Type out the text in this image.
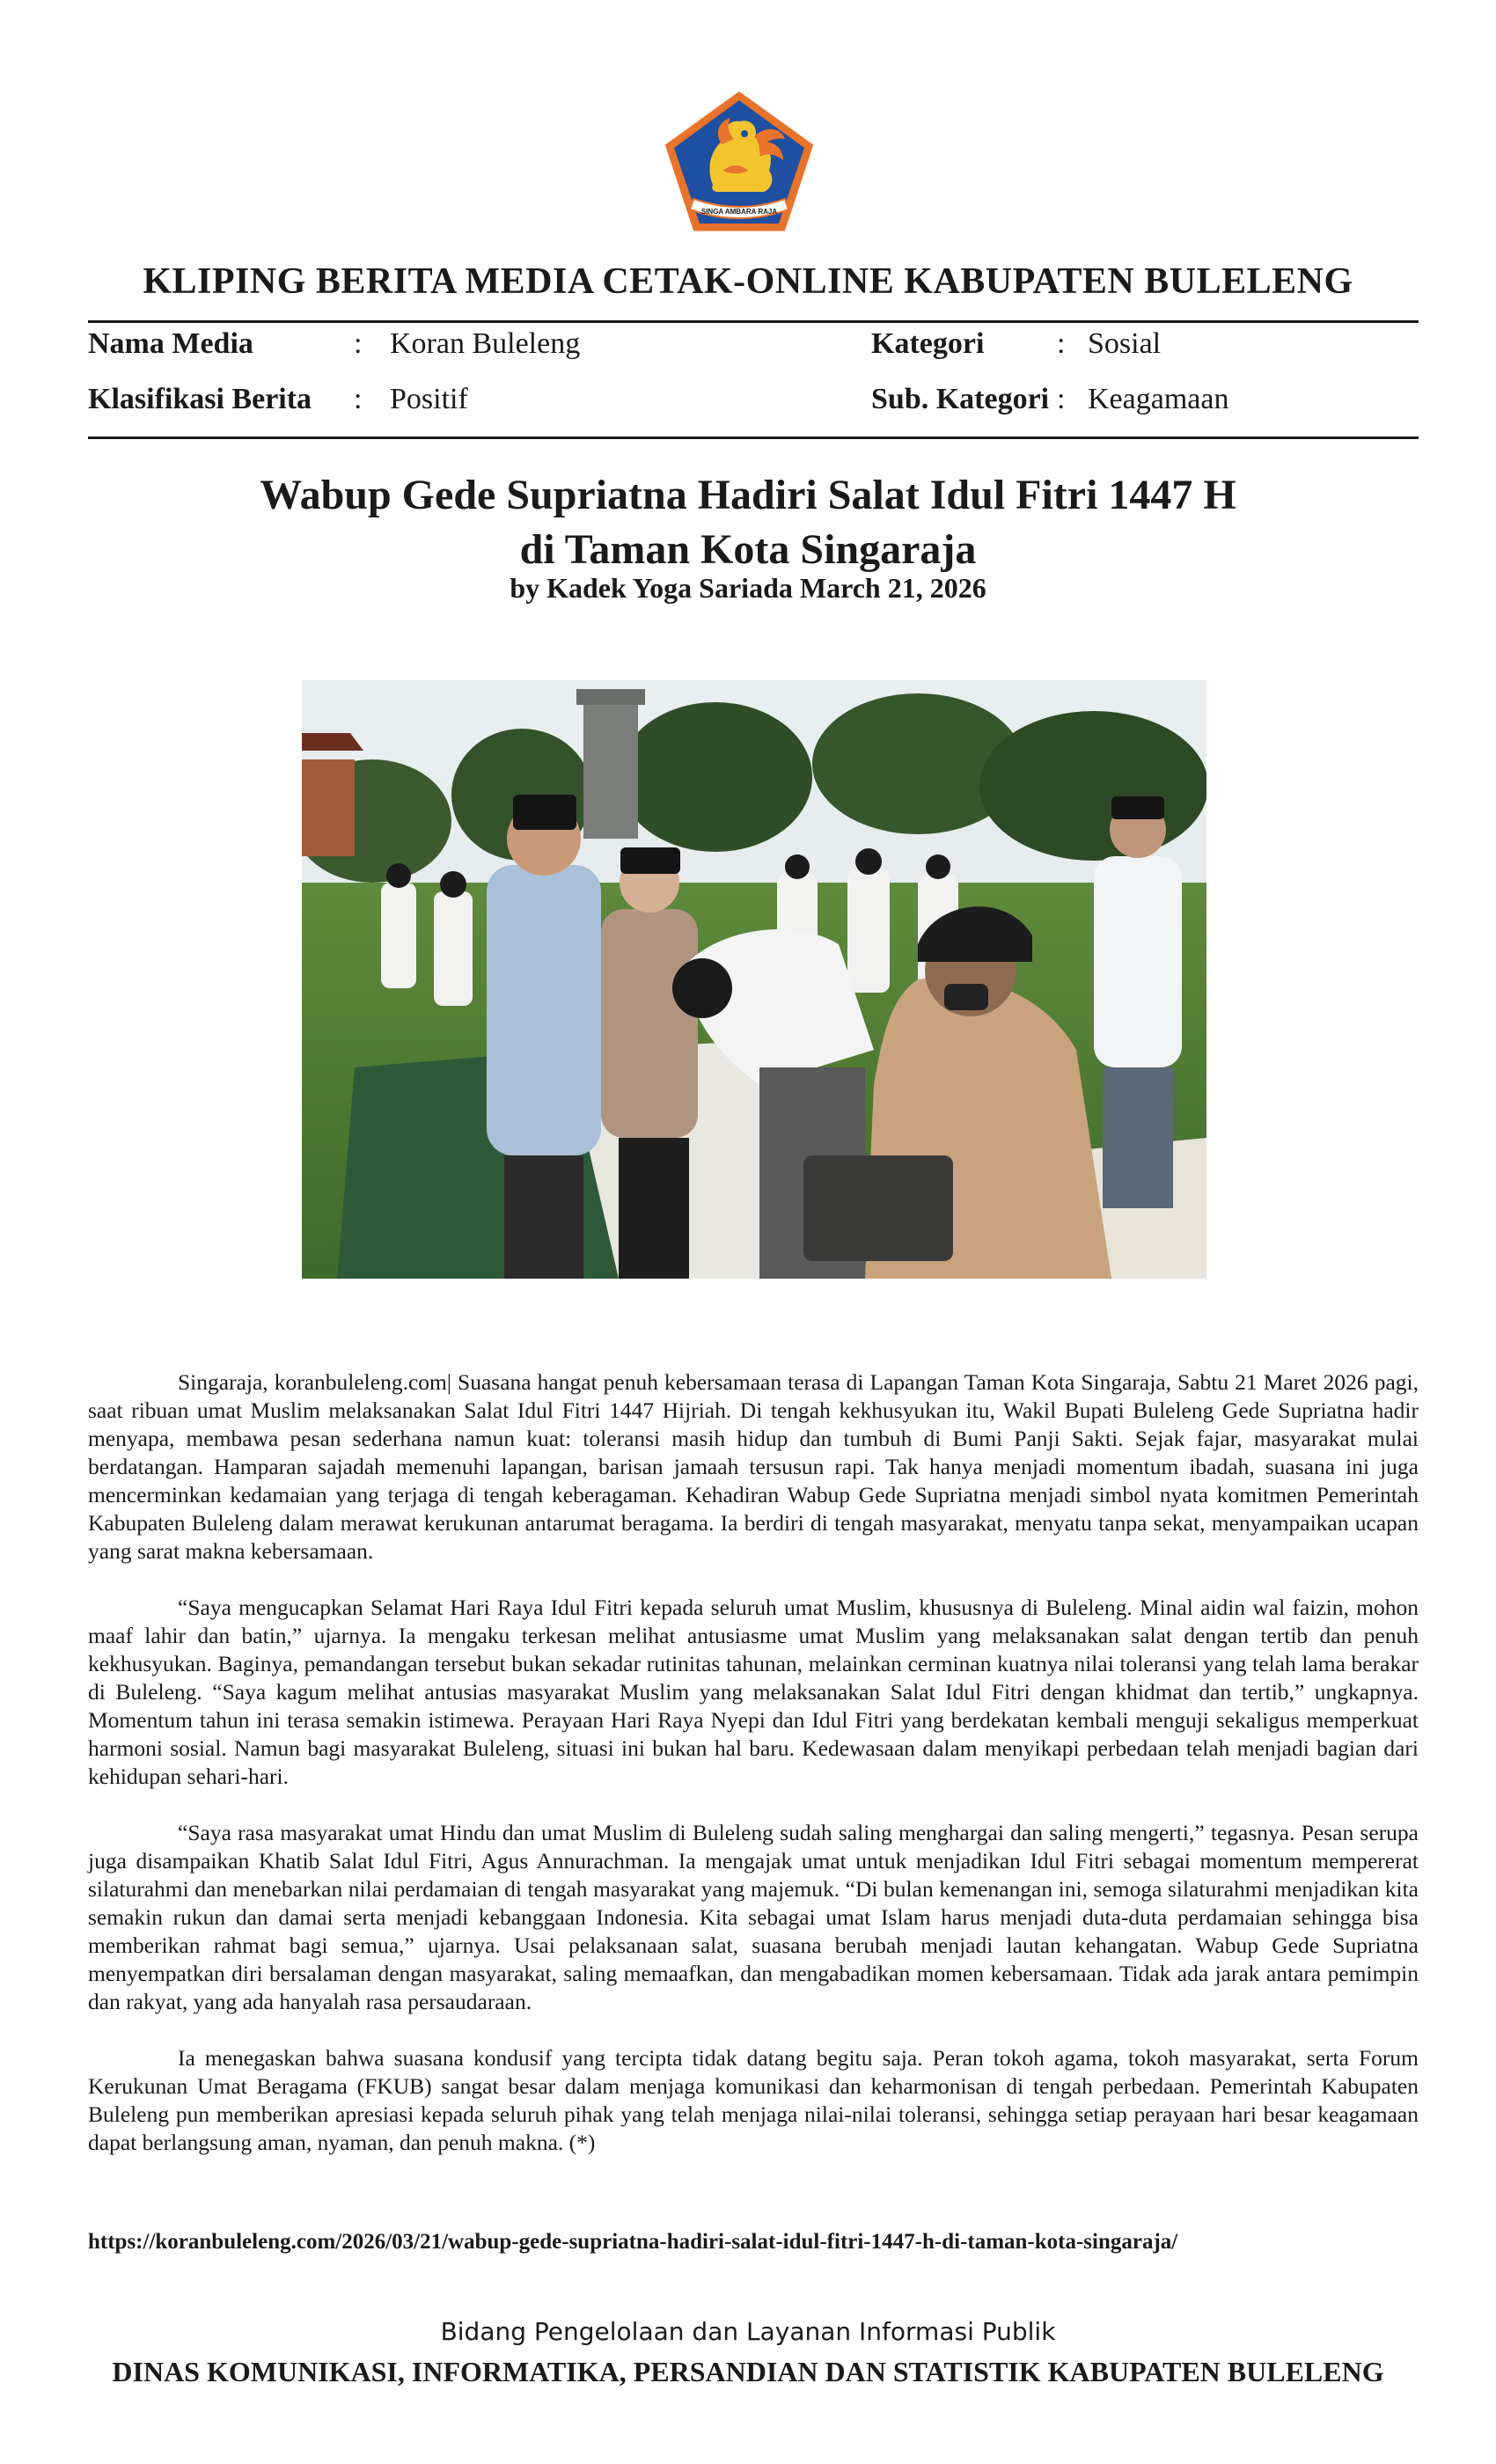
SINGA AMBARA RAJA
KLIPING BERITA MEDIA CETAK-ONLINE KABUPATEN BULELENG
Nama Media	: Koran Buleleng	Kategori : Sosial
Klasifikasi Berita : Positif	Sub. Kategori : Keagamaan
Wabup Gede Supriatna Hadiri Salat Idul Fitri 1447 H
di Taman Kota Singaraja
by Kadek Yoga Sariada March 21, 2026

Singaraja, koranbuleleng.com| Suasana hangat penuh kebersamaan terasa di Lapangan Taman Kota Singaraja, Sabtu 21 Maret 2026 pagi, saat ribuan umat Muslim melaksanakan Salat Idul Fitri 1447 Hijriah. Di tengah kekhusyukan itu, Wakil Bupati Buleleng Gede Supriatna hadir menyapa, membawa pesan sederhana namun kuat: toleransi masih hidup dan tumbuh di Bumi Panji Sakti. Sejak fajar, masyarakat mulai berdatangan. Hamparan sajadah memenuhi lapangan, barisan jamaah tersusun rapi. Tak hanya menjadi momentum ibadah, suasana ini juga mencerminkan kedamaian yang terjaga di tengah keberagaman. Kehadiran Wabup Gede Supriatna menjadi simbol nyata komitmen Pemerintah Kabupaten Buleleng dalam merawat kerukunan antarumat beragama. Ia berdiri di tengah masyarakat, menyatu tanpa sekat, menyampaikan ucapan yang sarat makna kebersamaan.

“Saya mengucapkan Selamat Hari Raya Idul Fitri kepada seluruh umat Muslim, khususnya di Buleleng. Minal aidin wal faizin, mohon maaf lahir dan batin,” ujarnya. Ia mengaku terkesan melihat antusiasme umat Muslim yang melaksanakan salat dengan tertib dan penuh kekhusyukan. Baginya, pemandangan tersebut bukan sekadar rutinitas tahunan, melainkan cerminan kuatnya nilai toleransi yang telah lama berakar di Buleleng. “Saya kagum melihat antusias masyarakat Muslim yang melaksanakan Salat Idul Fitri dengan khidmat dan tertib,” ungkapnya. Momentum tahun ini terasa semakin istimewa. Perayaan Hari Raya Nyepi dan Idul Fitri yang berdekatan kembali menguji sekaligus memperkuat harmoni sosial. Namun bagi masyarakat Buleleng, situasi ini bukan hal baru. Kedewasaan dalam menyikapi perbedaan telah menjadi bagian dari kehidupan sehari-hari.

“Saya rasa masyarakat umat Hindu dan umat Muslim di Buleleng sudah saling menghargai dan saling mengerti,” tegasnya. Pesan serupa juga disampaikan Khatib Salat Idul Fitri, Agus Annurachman. Ia mengajak umat untuk menjadikan Idul Fitri sebagai momentum mempererat silaturahmi dan menebarkan nilai perdamaian di tengah masyarakat yang majemuk. “Di bulan kemenangan ini, semoga silaturahmi menjadikan kita semakin rukun dan damai serta menjadi kebanggaan Indonesia. Kita sebagai umat Islam harus menjadi duta-duta perdamaian sehingga bisa memberikan rahmat bagi semua,” ujarnya. Usai pelaksanaan salat, suasana berubah menjadi lautan kehangatan. Wabup Gede Supriatna menyempatkan diri bersalaman dengan masyarakat, saling memaafkan, dan mengabadikan momen kebersamaan. Tidak ada jarak antara pemimpin dan rakyat, yang ada hanyalah rasa persaudaraan.

Ia menegaskan bahwa suasana kondusif yang tercipta tidak datang begitu saja. Peran tokoh agama, tokoh masyarakat, serta Forum Kerukunan Umat Beragama (FKUB) sangat besar dalam menjaga komunikasi dan keharmonisan di tengah perbedaan. Pemerintah Kabupaten Buleleng pun memberikan apresiasi kepada seluruh pihak yang telah menjaga nilai-nilai toleransi, sehingga setiap perayaan hari besar keagamaan dapat berlangsung aman, nyaman, dan penuh makna. (*)

https://koranbuleleng.com/2026/03/21/wabup-gede-supriatna-hadiri-salat-idul-fitri-1447-h-di-taman-kota-singaraja/
Bidang Pengelolaan dan Layanan Informasi Publik
DINAS KOMUNIKASI, INFORMATIKA, PERSANDIAN DAN STATISTIK KABUPATEN BULELENG
